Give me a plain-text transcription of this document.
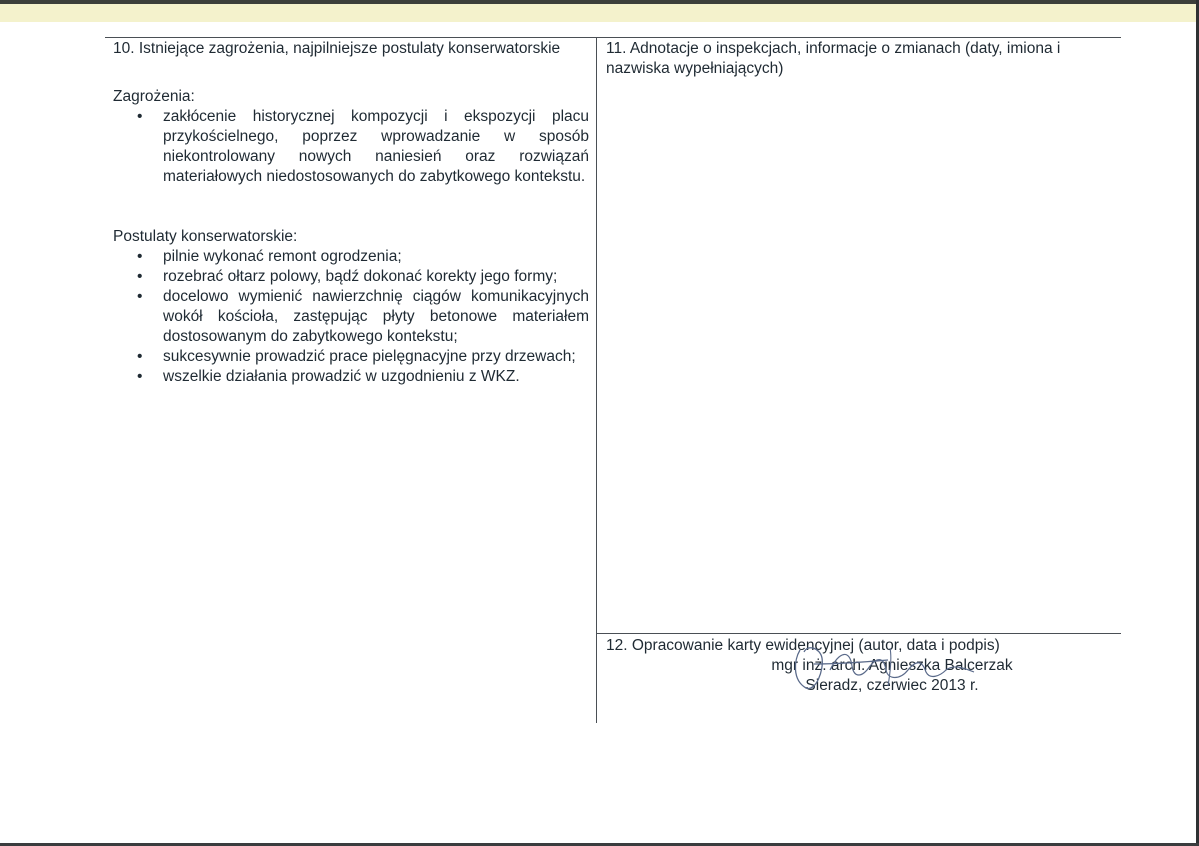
10. Istniejące zagrożenia, najpilniejsze postulaty konserwatorskie

Zagrożenia:

• zakłócenie historycznej kompozycji i ekspozycji placu przykościelnego, poprzez wprowadzanie w sposób niekontrolowany nowych naniesień oraz rozwiązań materiałowych niedostosowanych do zabytkowego kontekstu.

Postulaty konserwatorskie:

• pilnie wykonać remont ogrodzenia;
• rozebrać ołtarz polowy, bądź dokonać korekty jego formy;
• docelowo wymienić nawierzchnię ciągów komunikacyjnych wokół kościoła, zastępując płyty betonowe materiałem dostosowanym do zabytkowego kontekstu;
• sukcesywnie prowadzić prace pielęgnacyjne przy drzewach;
• wszelkie działania prowadzić w uzgodnieniu z WKZ.

11. Adnotacje o inspekcjach, informacje o zmianach (daty, imiona i nazwiska wypełniających)

12. Opracowanie karty ewidencyjnej (autor, data i podpis)

mgr inż. arch. Agnieszka Balcerzak
Sieradz, czerwiec 2013 r.
